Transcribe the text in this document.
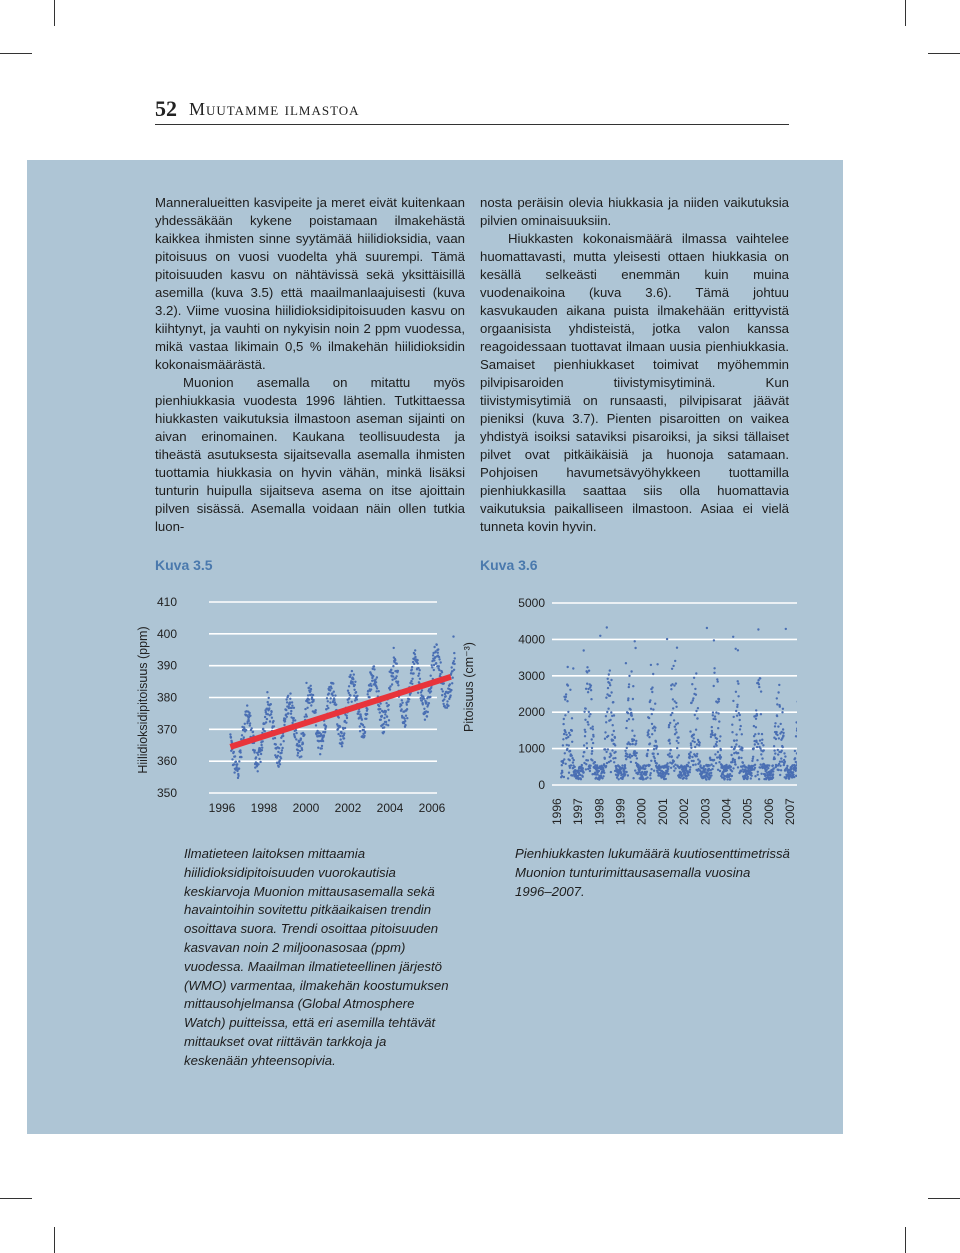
52 Muutamme ilmastoa

Manneralueitten kasvipeite ja meret eivät kuitenkaan yhdessäkään kykene poistamaan ilmakehästä kaikkea ihmisten sinne syytämää hiilidioksidia, vaan pitoisuus on vuosi vuodelta yhä suurempi. Tämä pitoisuuden kasvu on nähtävissä sekä yksittäisillä asemilla (kuva 3.5) että maailmanlaajuisesti (kuva 3.2). Viime vuosina hiilidioksidipitoisuuden kasvu on kiihtynyt, ja vauhti on nykyisin noin 2 ppm vuodessa, mikä vastaa likimain 0,5 % ilmakehän hiilidioksidin kokonaismäärästä.

Muonion asemalla on mitattu myös pienhiukkasia vuodesta 1996 lähtien. Tutkittaessa hiukkasten vaikutuksia ilmastoon aseman sijainti on aivan erinomainen. Kaukana teollisuudesta ja tiheästä asutuksesta sijaitsevalla asemalla ihmisten tuottamia hiukkasia on hyvin vähän, minkä lisäksi tunturin huipulla sijaitseva asema on itse ajoittain pilven sisässä. Asemalla voidaan näin ollen tutkia luon-

nosta peräisin olevia hiukkasia ja niiden vaikutuksia pilvien ominaisuuksiin.

Hiukkasten kokonaismäärä ilmassa vaihtelee huomattavasti, mutta yleisesti ottaen hiukkasia on kesällä selkeästi enemmän kuin muina vuodenaikoina (kuva 3.6). Tämä johtuu kasvukauden aikana puista ilmakehään erittyvistä orgaanisista yhdisteistä, jotka valon kanssa reagoidessaan tuottavat ilmaan uusia pienhiukkasia. Samaiset pienhiukkaset toimivat myöhemmin pilvipisaroiden tiivistymisytiminä. Kun tiivistymisytimiä on runsaasti, pilvipisarat jäävät pieniksi (kuva 3.7). Pienten pisaroitten on vaikea yhdistyä isoiksi sataviksi pisaroiksi, ja siksi tällaiset pilvet ovat pitkäikäisiä ja huonoja satamaan. Pohjoisen havumetsävyöhykkeen tuottamilla pienhiukkasilla saattaa siis olla huomattavia vaikutuksia paikalliseen ilmastoon. Asiaa ei vielä tunneta kovin hyvin.

Kuva 3.5	Kuva 3.6
350
360
370
380
390
400
410
1996 1998 2000 2002 2004 2006
Hiilidioksidipitoisuus (ppm)
0
1000
2000
3000
4000
5000
1996 1997 1998 1999 2000 2001 2002 2003 2004 2005 2006 2007
Pitoisuus (cm⁻³)
Ilmatieteen laitoksen mittaamia hiilidioksidipitoisuuden vuorokautisia keskiarvoja Muonion mittausasemalla sekä havaintoihin sovitettu pitkäaikaisen trendin osoittava suora. Trendi osoittaa pitoisuuden kasvavan noin 2 miljoonasosaa (ppm) vuodessa. Maailman ilmatieteellinen järjestö (WMO) varmentaa, ilmakehän koostumuksen mittausohjelmansa (Global Atmosphere Watch) puitteissa, että eri asemilla tehtävät mittaukset ovat riittävän tarkkoja ja keskenään yhteensopivia.
Pienhiukkasten lukumäärä kuutiosenttimetrissä Muonion tunturimittausasemalla vuosina 1996–2007.
